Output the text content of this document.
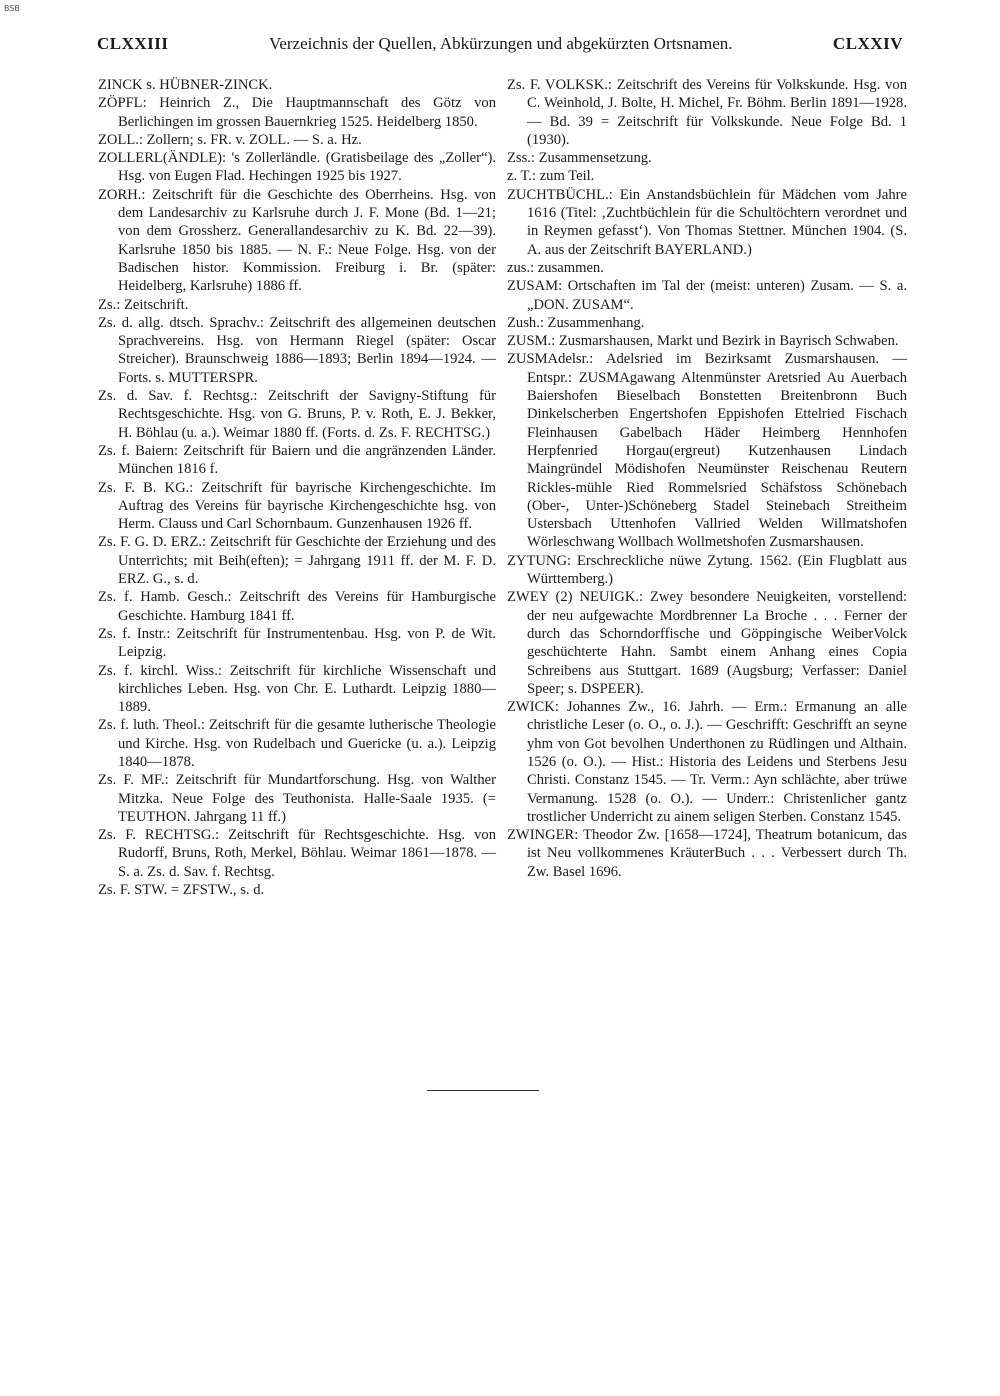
BSB
CLXXIII	Verzeichnis der Quellen, Abkürzungen und abgekürzten Ortsnamen.	CLXXIV

ZINCK s. HÜBNER-ZINCK.

ZÖPFL: Heinrich Z., Die Hauptmannschaft des Götz von Berlichingen im grossen Bauernkrieg 1525. Heidelberg 1850.

ZOLL.: Zollern; s. FR. v. ZOLL. — S. a. Hz.

ZOLLERL(ÄNDLE): 's Zollerländle. (Gratisbeilage des „Zoller“). Hsg. von Eugen Flad. Hechingen 1925 bis 1927.

ZORH.: Zeitschrift für die Geschichte des Oberrheins. Hsg. von dem Landesarchiv zu Karlsruhe durch J. F. Mone (Bd. 1—21; von dem Grossherz. Generallandesarchiv zu K. Bd. 22—39). Karlsruhe 1850 bis 1885. — N. F.: Neue Folge. Hsg. von der Badischen histor. Kommission. Freiburg i. Br. (später: Heidelberg, Karlsruhe) 1886 ff.

Zs.: Zeitschrift.

Zs. d. allg. dtsch. Sprachv.: Zeitschrift des allgemeinen deutschen Sprachvereins. Hsg. von Hermann Riegel (später: Oscar Streicher). Braunschweig 1886—1893; Berlin 1894—1924. — Forts. s. MUTTERSPR.

Zs. d. Sav. f. Rechtsg.: Zeitschrift der Savigny-Stiftung für Rechtsgeschichte. Hsg. von G. Bruns, P. v. Roth, E. J. Bekker, H. Böhlau (u. a.). Weimar 1880 ff. (Forts. d. Zs. F. RECHTSG.)

Zs. f. Baiern: Zeitschrift für Baiern und die angränzenden Länder. München 1816 f.

Zs. F. B. KG.: Zeitschrift für bayrische Kirchengeschichte. Im Auftrag des Vereins für bayrische Kirchengeschichte hsg. von Herm. Clauss und Carl Schornbaum. Gunzenhausen 1926 ff.

Zs. F. G. D. ERZ.: Zeitschrift für Geschichte der Erziehung und des Unterrichts; mit Beih(eften); = Jahrgang 1911 ff. der M. F. D. ERZ. G., s. d.

Zs. f. Hamb. Gesch.: Zeitschrift des Vereins für Hamburgische Geschichte. Hamburg 1841 ff.

Zs. f. Instr.: Zeitschrift für Instrumentenbau. Hsg. von P. de Wit. Leipzig.

Zs. f. kirchl. Wiss.: Zeitschrift für kirchliche Wissenschaft und kirchliches Leben. Hsg. von Chr. E. Luthardt. Leipzig 1880—1889.

Zs. f. luth. Theol.: Zeitschrift für die gesamte lutherische Theologie und Kirche. Hsg. von Rudelbach und Guericke (u. a.). Leipzig 1840—1878.

Zs. F. MF.: Zeitschrift für Mundartforschung. Hsg. von Walther Mitzka. Neue Folge des Teuthonista. Halle-Saale 1935. (= TEUTHON. Jahrgang 11 ff.)

Zs. F. RECHTSG.: Zeitschrift für Rechtsgeschichte. Hsg. von Rudorff, Bruns, Roth, Merkel, Böhlau. Weimar 1861—1878. — S. a. Zs. d. Sav. f. Rechtsg.

Zs. F. STW. = ZFSTW., s. d.

Zs. F. VOLKSK.: Zeitschrift des Vereins für Volkskunde. Hsg. von C. Weinhold, J. Bolte, H. Michel, Fr. Böhm. Berlin 1891—1928. — Bd. 39 = Zeitschrift für Volkskunde. Neue Folge Bd. 1 (1930).

Zss.: Zusammensetzung.

z. T.: zum Teil.

ZUCHTBÜCHL.: Ein Anstandsbüchlein für Mädchen vom Jahre 1616 (Titel: ‚Zuchtbüchlein für die Schultöchtern verordnet und in Reymen gefasst‘). Von Thomas Stettner. München 1904. (S. A. aus der Zeitschrift BAYERLAND.)

zus.: zusammen.

ZUSAM: Ortschaften im Tal der (meist: unteren) Zusam. — S. a. „DON. ZUSAM“.

Zush.: Zusammenhang.

ZUSM.: Zusmarshausen, Markt und Bezirk in Bayrisch Schwaben.

ZUSMAdelsr.: Adelsried im Bezirksamt Zusmarshausen. — Entspr.: ZUSMAgawang Altenmünster Aretsried Au Auerbach Baiershofen Bieselbach Bonstetten Breitenbronn Buch Dinkelscherben Engertshofen Eppishofen Ettelried Fischach Fleinhausen Gabelbach Häder Heimberg Hennhofen Herpfenried Horgau(ergreut) Kutzenhausen Lindach Maingründel Mödishofen Neumünster Reischenau Reutern Rickles-mühle Ried Rommelsried Schäfstoss Schönebach (Ober-, Unter-)Schöneberg Stadel Steinebach Streitheim Ustersbach Uttenhofen Vallried Welden Willmatshofen Wörleschwang Wollbach Wollmetshofen Zusmarshausen.

ZYTUNG: Erschreckliche nüwe Zytung. 1562. (Ein Flugblatt aus Württemberg.)

ZWEY (2) NEUIGK.: Zwey besondere Neuigkeiten, vorstellend: der neu aufgewachte Mordbrenner La Broche . . . Ferner der durch das Schorndorffische und Göppingische WeiberVolck geschüchterte Hahn. Sambt einem Anhang eines Copia Schreibens aus Stuttgart. 1689 (Augsburg; Verfasser: Daniel Speer; s. DSPEER).

ZWICK: Johannes Zw., 16. Jahrh. — Erm.: Ermanung an alle christliche Leser (o. O., o. J.). — Geschrifft: Geschrifft an seyne yhm von Got bevolhen Underthonen zu Rüdlingen und Althain. 1526 (o. O.). — Hist.: Historia des Leidens und Sterbens Jesu Christi. Constanz 1545. — Tr. Verm.: Ayn schlächte, aber trüwe Vermanung. 1528 (o. O.). — Underr.: Christenlicher gantz trostlicher Underricht zu ainem seligen Sterben. Constanz 1545.

ZWINGER: Theodor Zw. [1658—1724], Theatrum botanicum, das ist Neu vollkommenes KräuterBuch . . . Verbessert durch Th. Zw. Basel 1696.
